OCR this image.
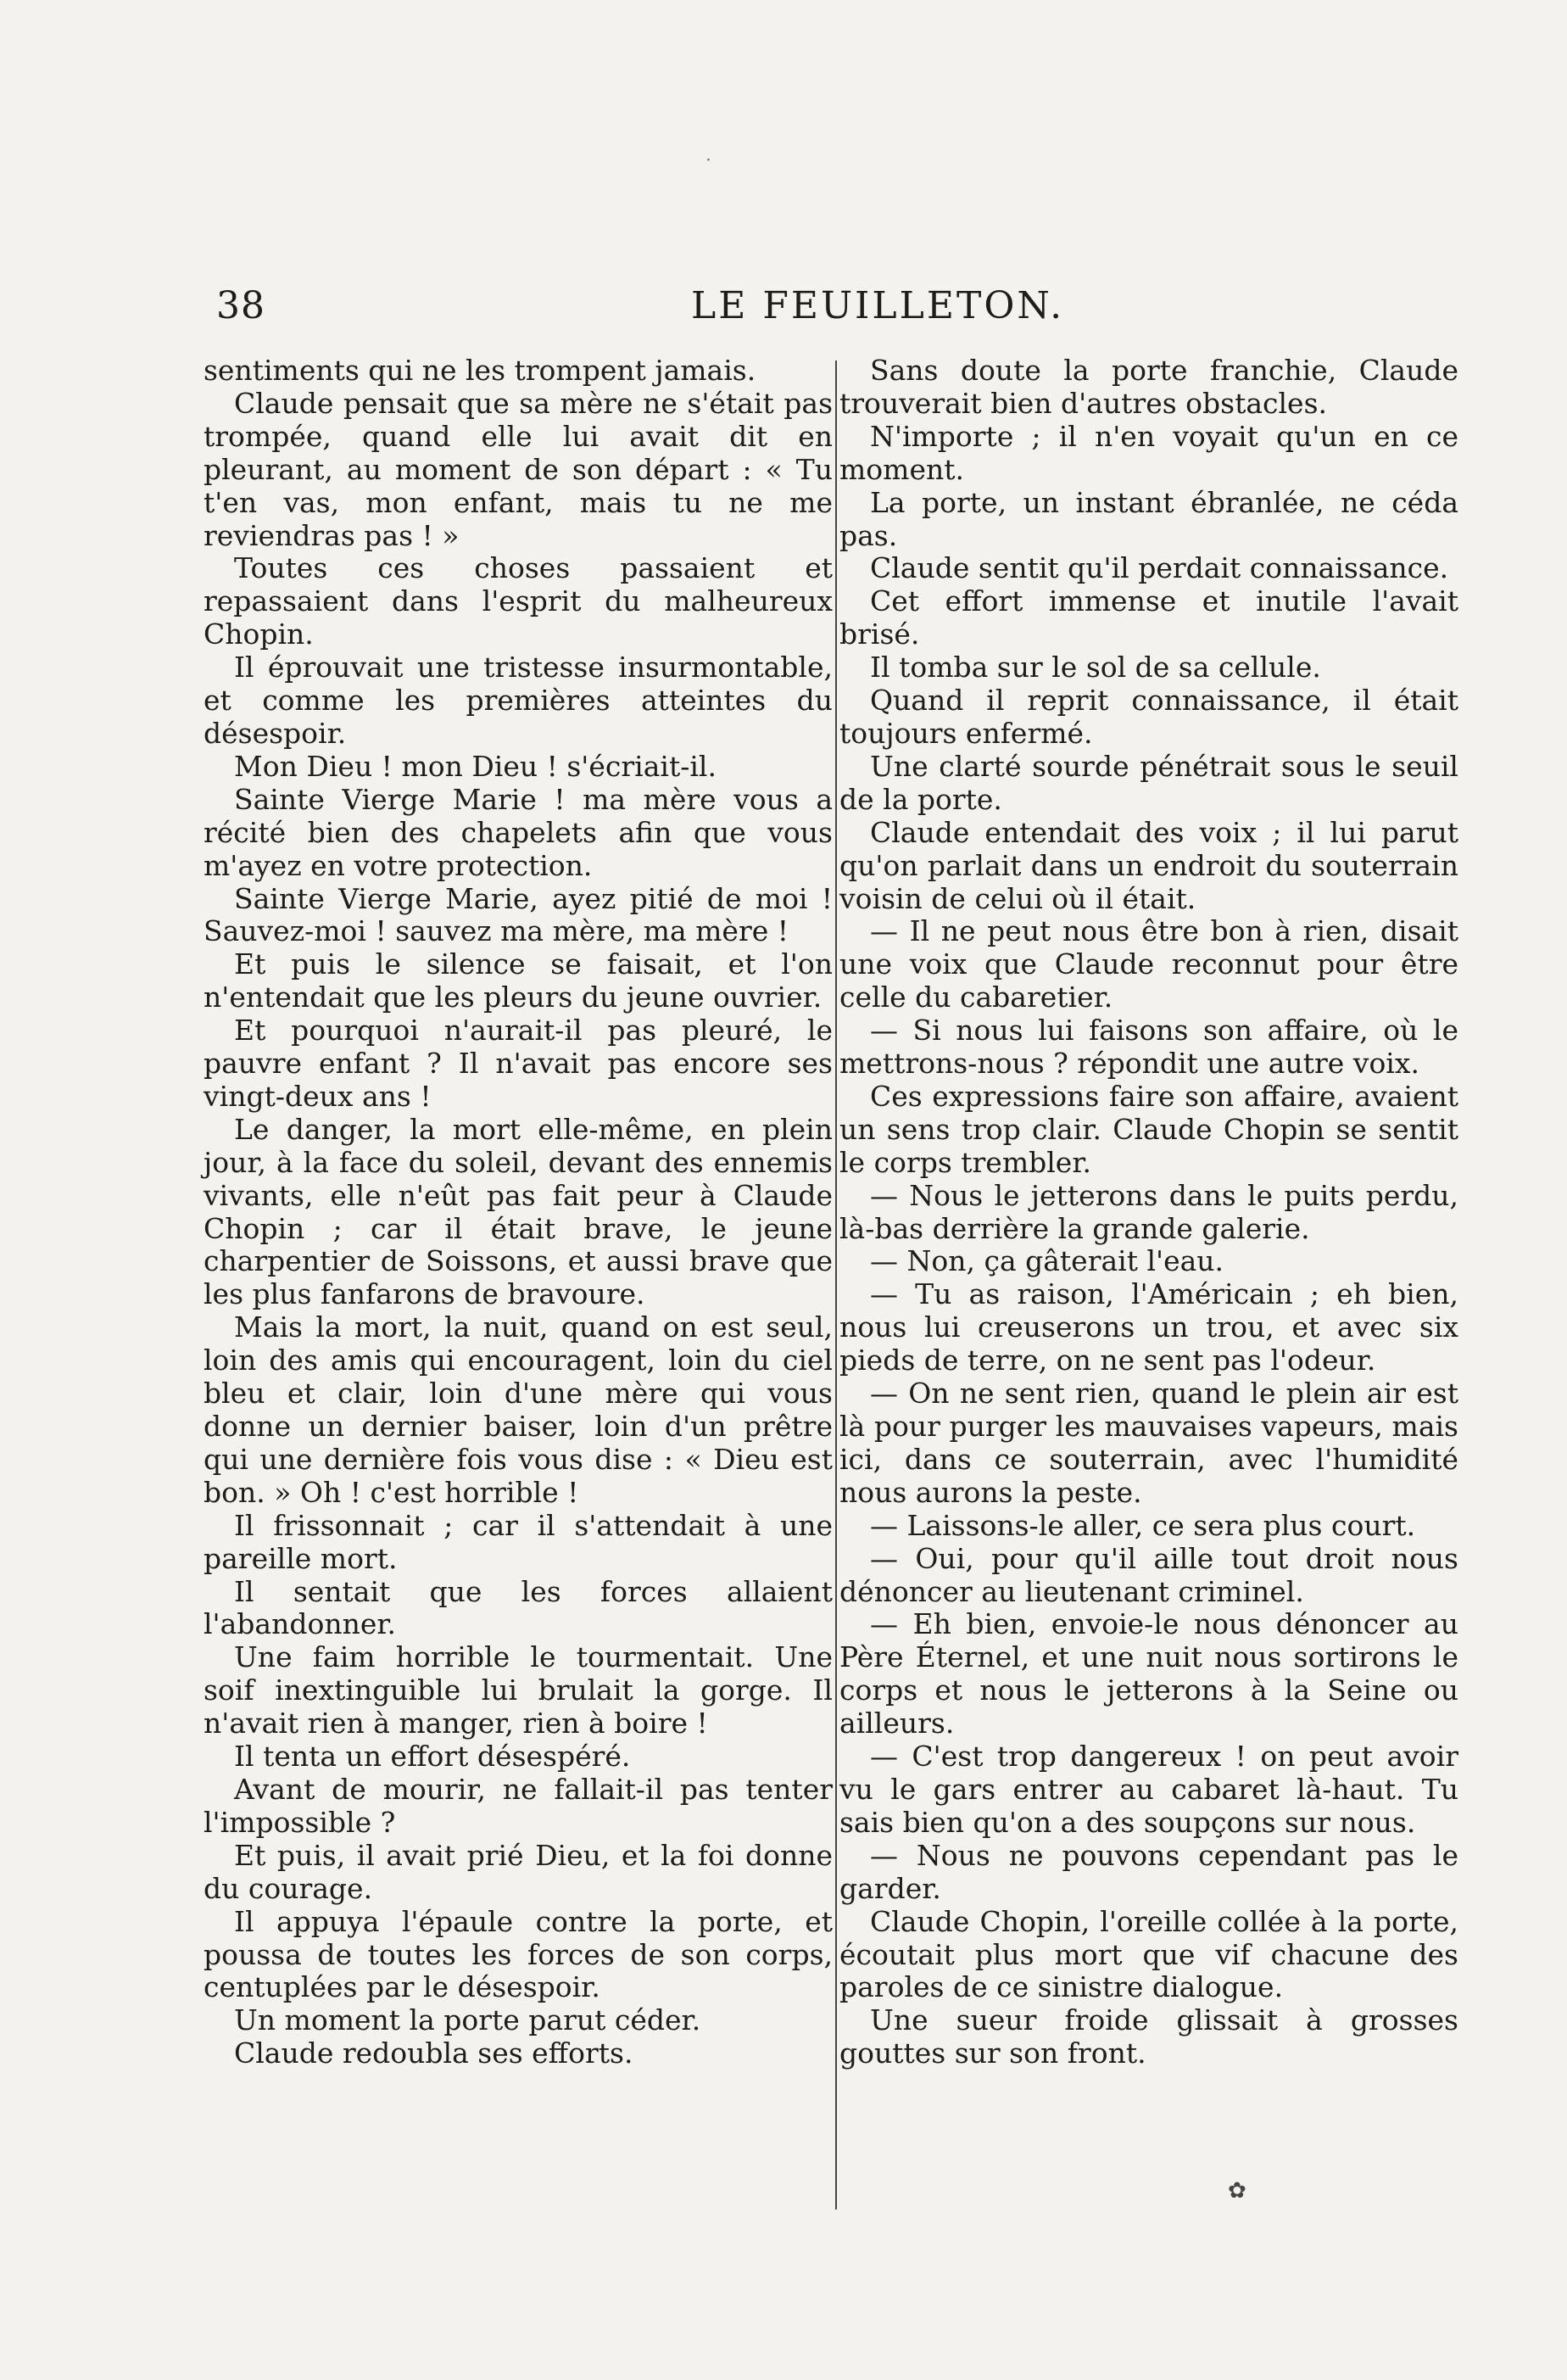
˙
38	LE FEUILLETON.

sentiments qui ne les trompent jamais.

Claude pensait que sa mère ne s'était pas trompée, quand elle lui avait dit en pleurant, au moment de son départ : « Tu t'en vas, mon enfant, mais tu ne me reviendras pas ! »

Toutes ces choses passaient et repassaient dans l'esprit du malheureux Chopin.

Il éprouvait une tristesse insurmontable, et comme les premières atteintes du désespoir.

Mon Dieu ! mon Dieu ! s'écriait-il.

Sainte Vierge Marie ! ma mère vous a récité bien des chapelets afin que vous m'ayez en votre protection.

Sainte Vierge Marie, ayez pitié de moi ! Sauvez-moi ! sauvez ma mère, ma mère !

Et puis le silence se faisait, et l'on n'entendait que les pleurs du jeune ouvrier.

Et pourquoi n'aurait-il pas pleuré, le pauvre enfant ? Il n'avait pas encore ses vingt-deux ans !

Le danger, la mort elle-même, en plein jour, à la face du soleil, devant des ennemis vivants, elle n'eût pas fait peur à Claude Chopin ; car il était brave, le jeune charpentier de Soissons, et aussi brave que les plus fanfarons de bravoure.

Mais la mort, la nuit, quand on est seul, loin des amis qui encouragent, loin du ciel bleu et clair, loin d'une mère qui vous donne un dernier baiser, loin d'un prêtre qui une dernière fois vous dise : « Dieu est bon. » Oh ! c'est horrible !

Il frissonnait ; car il s'attendait à une pareille mort.

Il sentait que les forces allaient l'abandonner.

Une faim horrible le tourmentait. Une soif inextinguible lui brulait la gorge. Il n'avait rien à manger, rien à boire !

Il tenta un effort désespéré.

Avant de mourir, ne fallait-il pas tenter l'impossible ?

Et puis, il avait prié Dieu, et la foi donne du courage.

Il appuya l'épaule contre la porte, et poussa de toutes les forces de son corps, centuplées par le désespoir.

Un moment la porte parut céder.

Claude redoubla ses efforts.

Sans doute la porte franchie, Claude trouverait bien d'autres obstacles.

N'importe ; il n'en voyait qu'un en ce moment.

La porte, un instant ébranlée, ne céda pas.

Claude sentit qu'il perdait connaissance.

Cet effort immense et inutile l'avait brisé.

Il tomba sur le sol de sa cellule.

Quand il reprit connaissance, il était toujours enfermé.

Une clarté sourde pénétrait sous le seuil de la porte.

Claude entendait des voix ; il lui parut qu'on parlait dans un endroit du souterrain voisin de celui où il était.

— Il ne peut nous être bon à rien, disait une voix que Claude reconnut pour être celle du cabaretier.

— Si nous lui faisons son affaire, où le mettrons-nous ? répondit une autre voix.

Ces expressions faire son affaire, avaient un sens trop clair. Claude Chopin se sentit le corps trembler.

— Nous le jetterons dans le puits perdu, là-bas derrière la grande galerie.

— Non, ça gâterait l'eau.

— Tu as raison, l'Américain ; eh bien, nous lui creuserons un trou, et avec six pieds de terre, on ne sent pas l'odeur.

— On ne sent rien, quand le plein air est là pour purger les mauvaises vapeurs, mais ici, dans ce souterrain, avec l'humidité nous aurons la peste.

— Laissons-le aller, ce sera plus court.

— Oui, pour qu'il aille tout droit nous dénoncer au lieutenant criminel.

— Eh bien, envoie-le nous dénoncer au Père Éternel, et une nuit nous sortirons le corps et nous le jetterons à la Seine ou ailleurs.

— C'est trop dangereux ! on peut avoir vu le gars entrer au cabaret là-haut. Tu sais bien qu'on a des soupçons sur nous.

— Nous ne pouvons cependant pas le garder.

Claude Chopin, l'oreille collée à la porte, écoutait plus mort que vif chacune des paroles de ce sinistre dialogue.

Une sueur froide glissait à grosses gouttes sur son front.

✿
